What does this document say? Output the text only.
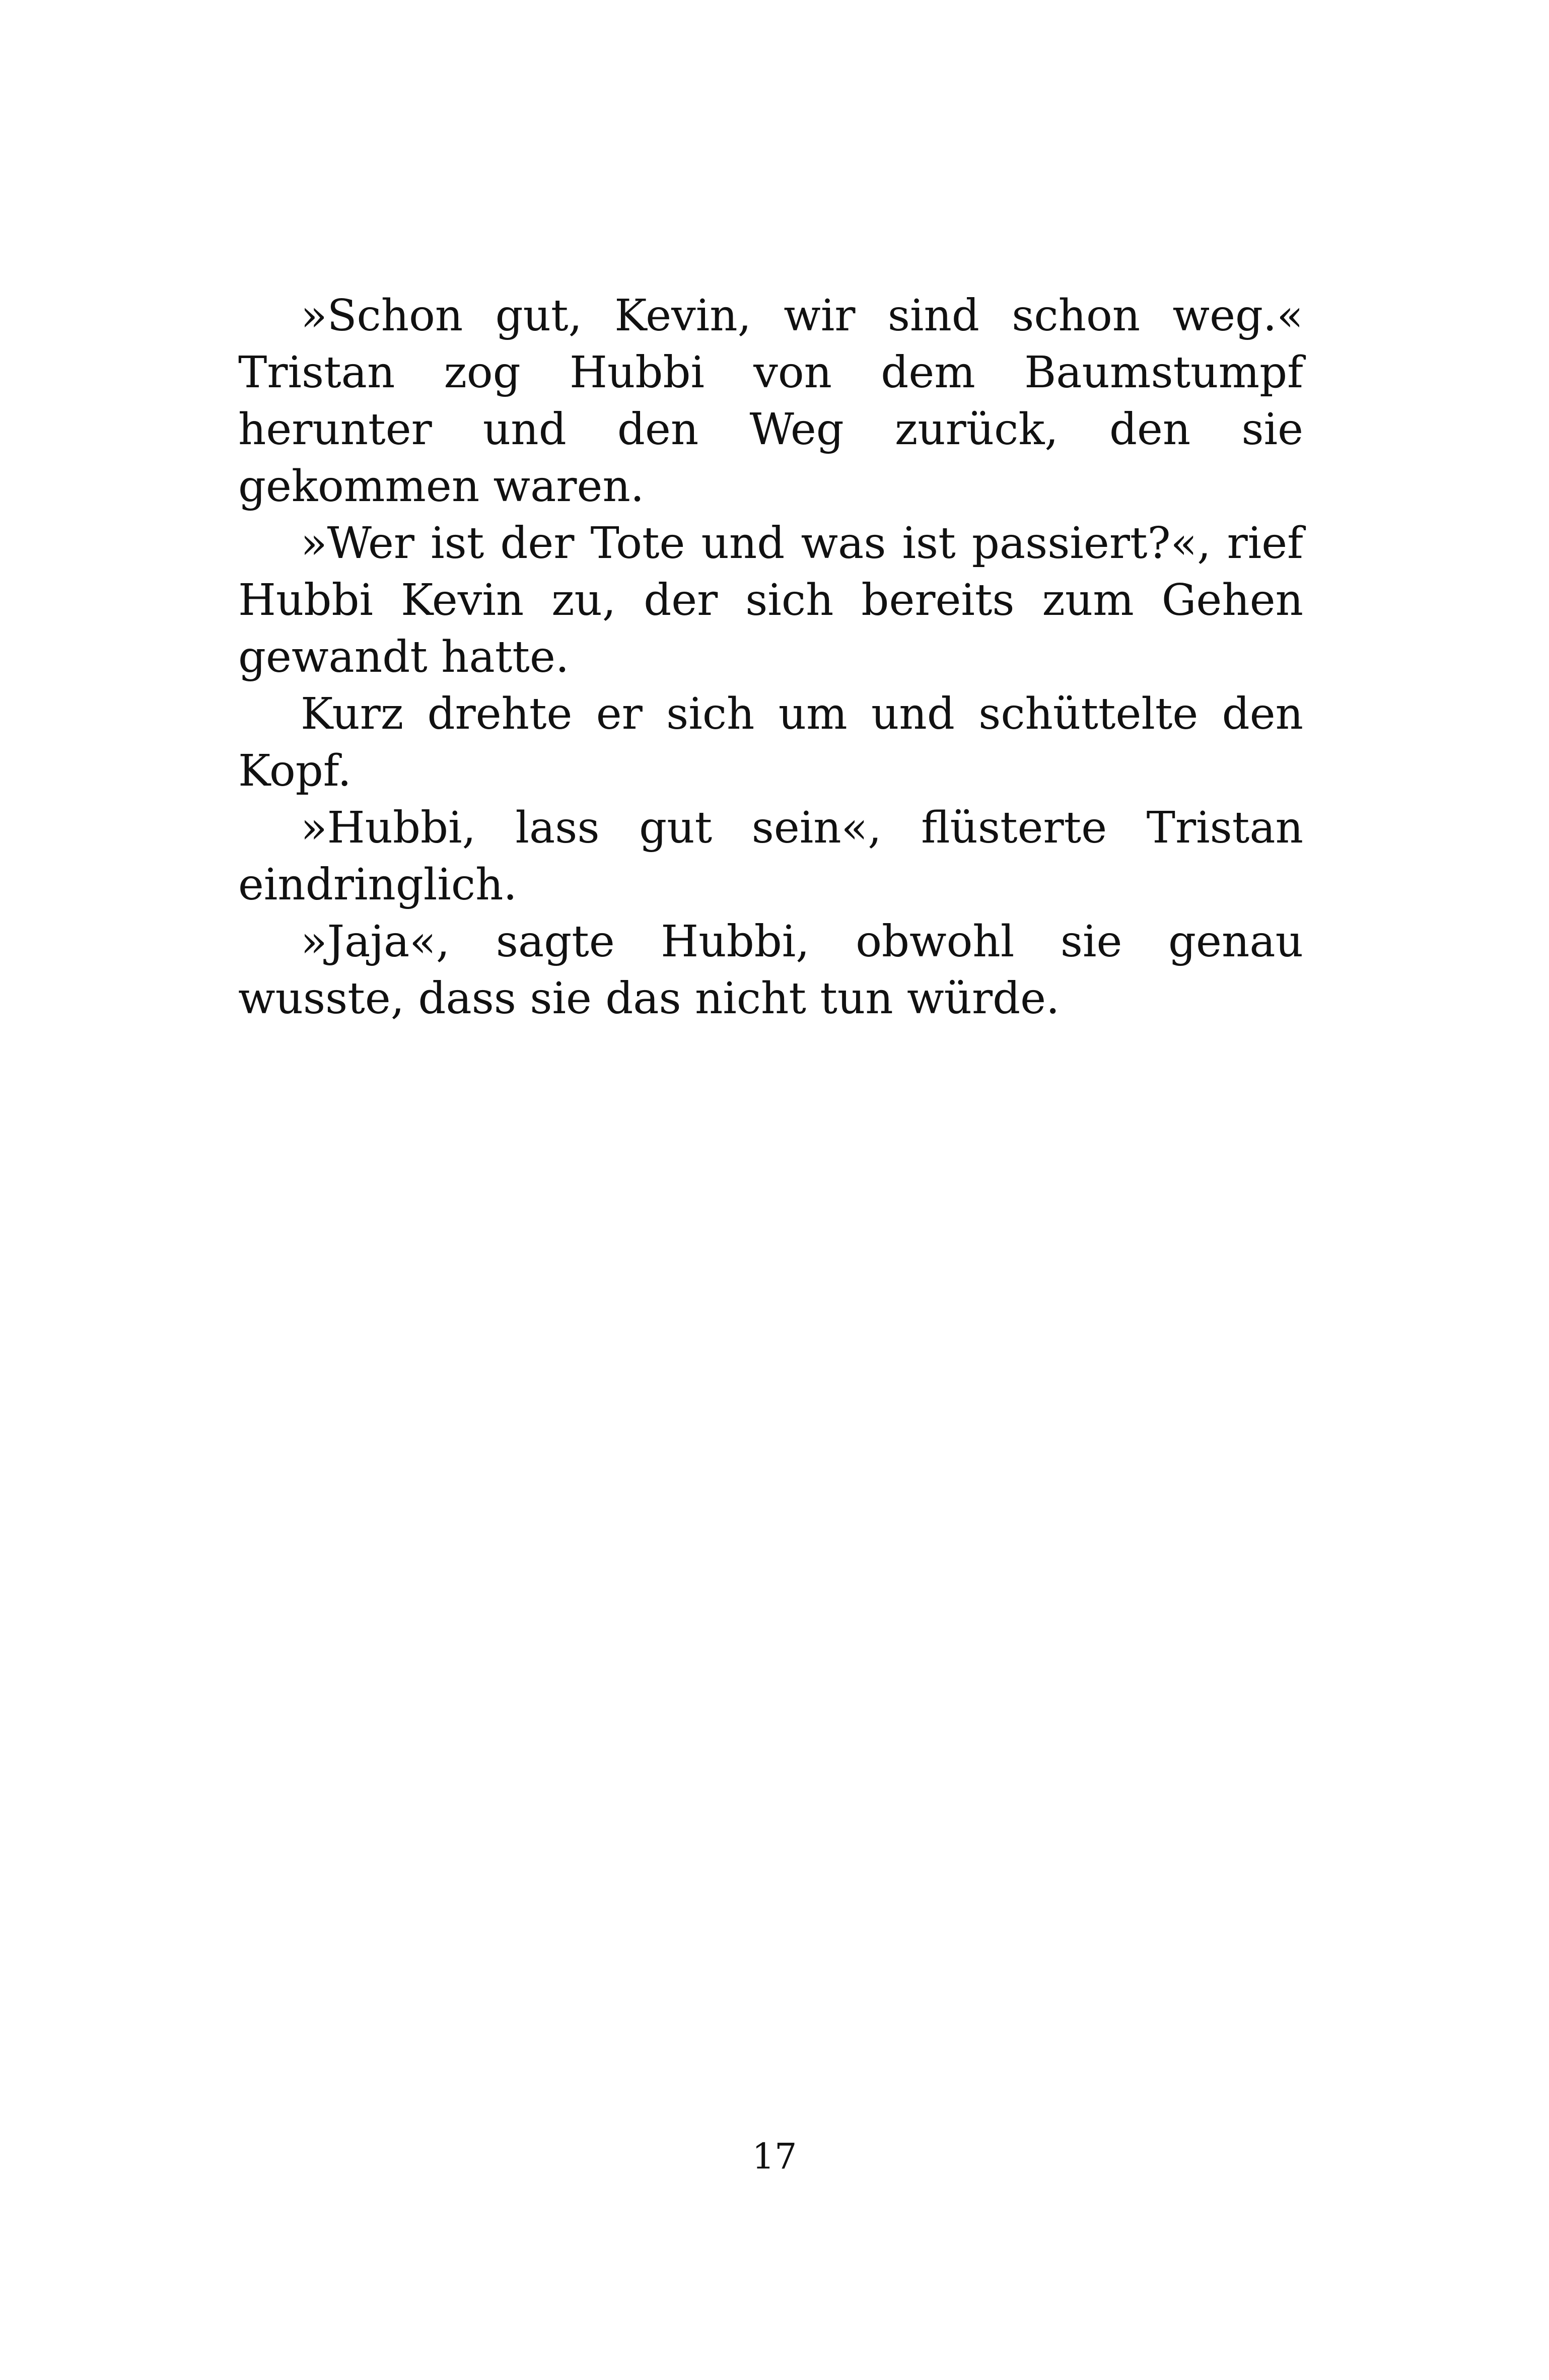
»Schon gut, Kevin, wir sind schon weg.« Tristan zog Hubbi von dem Baumstumpf herunter und den Weg zurück, den sie gekommen waren.

»Wer ist der Tote und was ist passiert?«, rief Hubbi Kevin zu, der sich bereits zum Gehen gewandt hatte.

Kurz drehte er sich um und schüttelte den Kopf.

»Hubbi, lass gut sein«, flüsterte Tristan eindringlich.

»Jaja«, sagte Hubbi, obwohl sie genau wusste, dass sie das nicht tun würde.

17
